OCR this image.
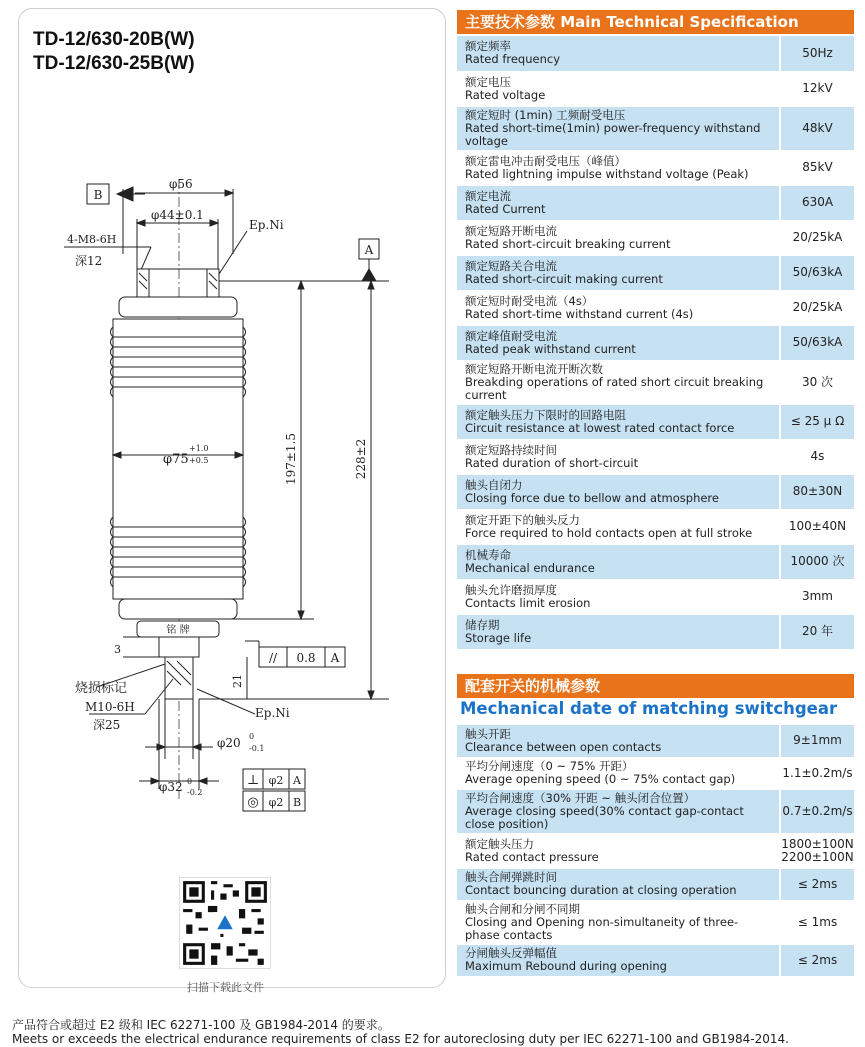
TD-12/630-20B(W)
TD-12/630-25B(W)
B
φ56
φ44±0.1
4-M8-6H
深12
Ep.Ni
A
φ75
+1.0
+0.5	197±1.5	228±2
铭 牌
3
// 0.8 A
21
烧损标记
M10-6H
深25
Ep.Ni
φ20 0
-0.1
φ32 0
-0.2
⊥ φ2 A
◎ φ2 B
扫描下载此文件
主要技术参数 Main Technical Specification
额定频率
Rated frequency	50Hz

额定电压
Rated voltage	12kV

额定短时 (1min) 工频耐受电压
Rated short-time(1min) power-frequency withstand voltage	48kV

额定雷电冲击耐受电压（峰值）
Rated lightning impulse withstand voltage (Peak)	85kV

额定电流
Rated Current	630A

额定短路开断电流
Rated short-circuit breaking current	20/25kA

额定短路关合电流
Rated short-circuit making current	50/63kA

额定短时耐受电流（4s）
Rated short-time withstand current (4s)	20/25kA

额定峰值耐受电流
Rated peak withstand current	50/63kA

额定短路开断电流开断次数
Breakding operations of rated short circuit breaking current	30 次

额定触头压力下限时的回路电阻
Circuit resistance at lowest rated contact force	≤ 25 μ Ω

额定短路持续时间
Rated duration of short-circuit	4s

触头自闭力
Closing force due to bellow and atmosphere	80±30N

额定开距下的触头反力
Force required to hold contacts open at full stroke	100±40N

机械寿命
Mechanical endurance	10000 次

触头允许磨损厚度
Contacts limit erosion	3mm

储存期
Storage life	20 年
配套开关的机械参数
Mechanical date of matching switchgear
触头开距
Clearance between open contacts	9±1mm

平均分闸速度（0 ~ 75% 开距）
Average opening speed (0 ~ 75% contact gap)	1.1±0.2m/s

平均合闸速度（30% 开距 ~ 触头闭合位置）
Average closing speed(30% contact gap-contact close position)	0.7±0.2m/s

额定触头压力
Rated contact pressure	1800±100N
2200±100N

触头合闸弹跳时间
Contact bouncing duration at closing operation	≤ 2ms

触头合闸和分闸不同期
Closing and Opening non-simultaneity of three-phase contacts	≤ 1ms

分闸触头反弹幅值
Maximum Rebound during opening	≤ 2ms
产品符合或超过 E2 级和 IEC 62271-100 及 GB1984-2014 的要求。
Meets or exceeds the electrical endurance requirements of class E2 for autoreclosing duty per IEC 62271-100 and GB1984-2014.
